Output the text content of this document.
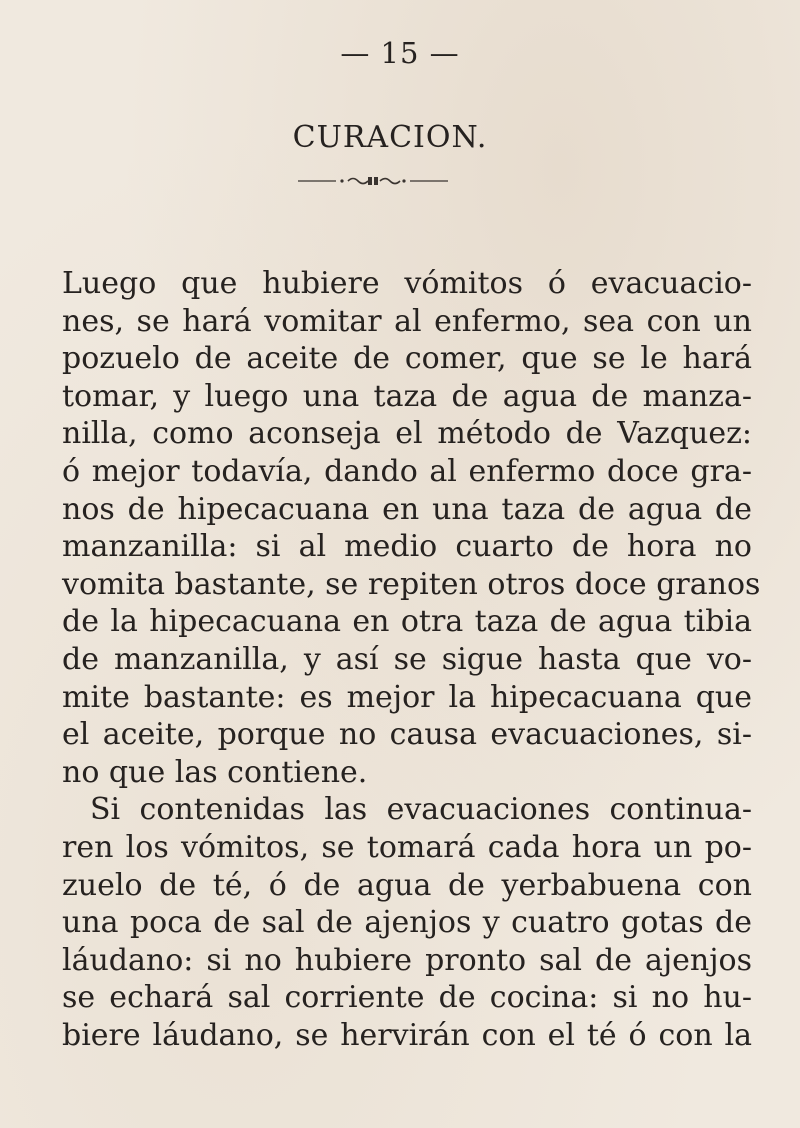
— 15 —
CURACION.
Luego que hubiere vómitos ó evacuacio-
nes, se hará vomitar al enfermo, sea con un
pozuelo de aceite de comer, que se le hará
tomar, y luego una taza de agua de manza-
nilla, como aconseja el método de Vazquez:
ó mejor todavía, dando al enfermo doce gra-
nos de hipecacuana en una taza de agua de
manzanilla: si al medio cuarto de hora no
vomita bastante, se repiten otros doce granos
de la hipecacuana en otra taza de agua tibia
de manzanilla, y así se sigue hasta que vo-
mite bastante: es mejor la hipecacuana que
el aceite, porque no causa evacuaciones, si-
no que las contiene.
Si contenidas las evacuaciones continua-
ren los vómitos, se tomará cada hora un po-
zuelo de té, ó de agua de yerbabuena con
una poca de sal de ajenjos y cuatro gotas de
láudano: si no hubiere pronto sal de ajenjos
se echará sal corriente de cocina: si no hu-
biere láudano, se hervirán con el té ó con la
